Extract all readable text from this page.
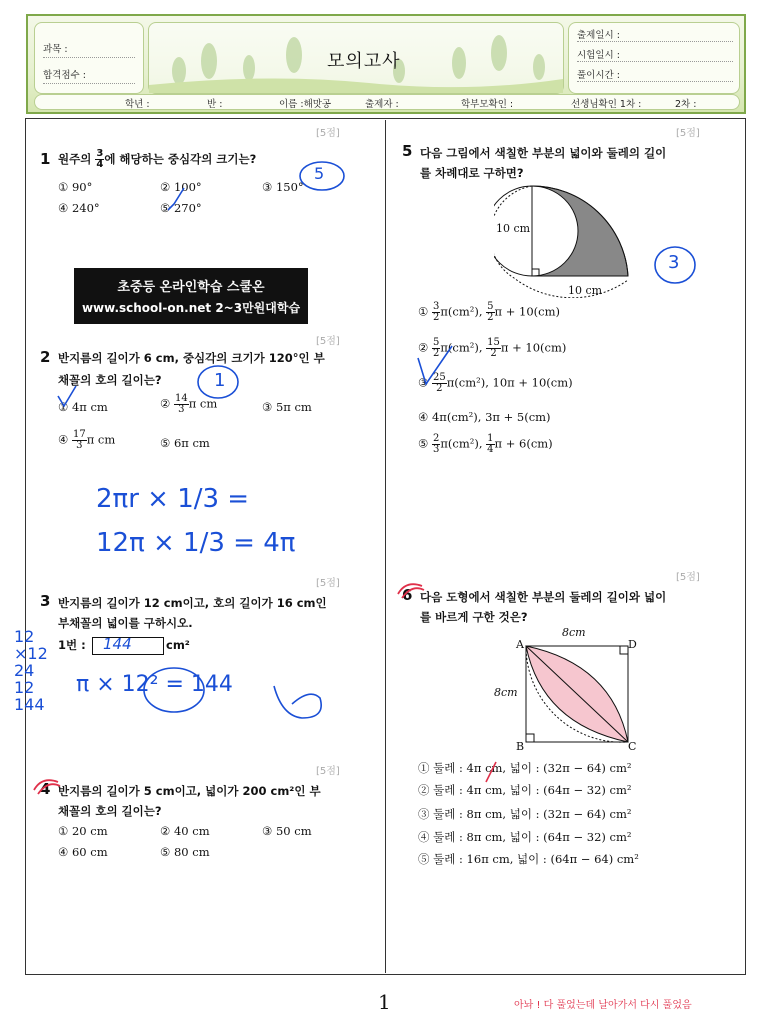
과목 :
합격점수 :
모의고사
출제일시 :
시험일시 :
풀이시간 :
학년 :	반 :	이름 :해맛공	출제자 :	학부모확인 :	선생님확인 1차 :	2차 :
[5점]
1 원주의 $\frac{3}{4}$ 에 해당하는 중심각의 크기는?
① 90°	② 100°	③ 150°
④ 240°	⑤ 270°
5
초중등 온라인학습 스쿨온
www.school-on.net 2~3만원대학습
[5점]
2 반지름의 길이가 6 cm, 중심각의 크기가 120°인 부
채꼴의 호의 길이는?
① 4π cm	② $\frac{14}{3}$ π cm	③ 5π cm
④ $\frac{17}{3}$ π cm	⑤ 6π cm
1
2πr × 1/3 =
12π × 1/3 = 4π
[5점]
3 반지름의 길이가 12 cm이고, 호의 길이가 16 cm인
부채꼴의 넓이를 구하시오.
1번 : 144	cm²
12
×12
24
12
144
π × 12² = 144
[5점]
4 반지름의 길이가 5 cm이고, 넓이가 200 cm²인 부
채꼴의 호의 길이는?
① 20 cm	② 40 cm	③ 50 cm
④ 60 cm	⑤ 80 cm
[5점]
5 다음 그림에서 색칠한 부분의 넓이와 둘레의 길이
를 차례대로 구하면?
10 cm
10 cm
3
① $\frac{3}{2} \pi(cm^2)$, $\frac{5}{2}$ π + 10(cm)
② $\frac{5}{2} \pi(cm^2)$, $\frac{15}{2}$ π + 10(cm)
③ $\frac{25}{2} \pi(cm^2)$, 10π + 10(cm)
④ 4π(cm²), 3π + 5(cm)
⑤ $\frac{2}{3} \pi(cm^2)$, $\frac{1}{4}$ π + 6(cm)
[5점]
6 다음 도형에서 색칠한 부분의 둘레의 길이와 넓이
를 바르게 구한 것은?
8cm
8cm
A
B	C
D
① 둘레 : 4π cm, 넓이 : (32π − 64) cm²
② 둘레 : 4π cm, 넓이 : (64π − 32) cm²
③ 둘레 : 8π cm, 넓이 : (32π − 64) cm²
④ 둘레 : 8π cm, 넓이 : (64π − 32) cm²
⑤ 둘레 : 16π cm, 넓이 : (64π − 64) cm²
1	아놔 ! 다 풀었는데 날아가서 다시 풀었음
